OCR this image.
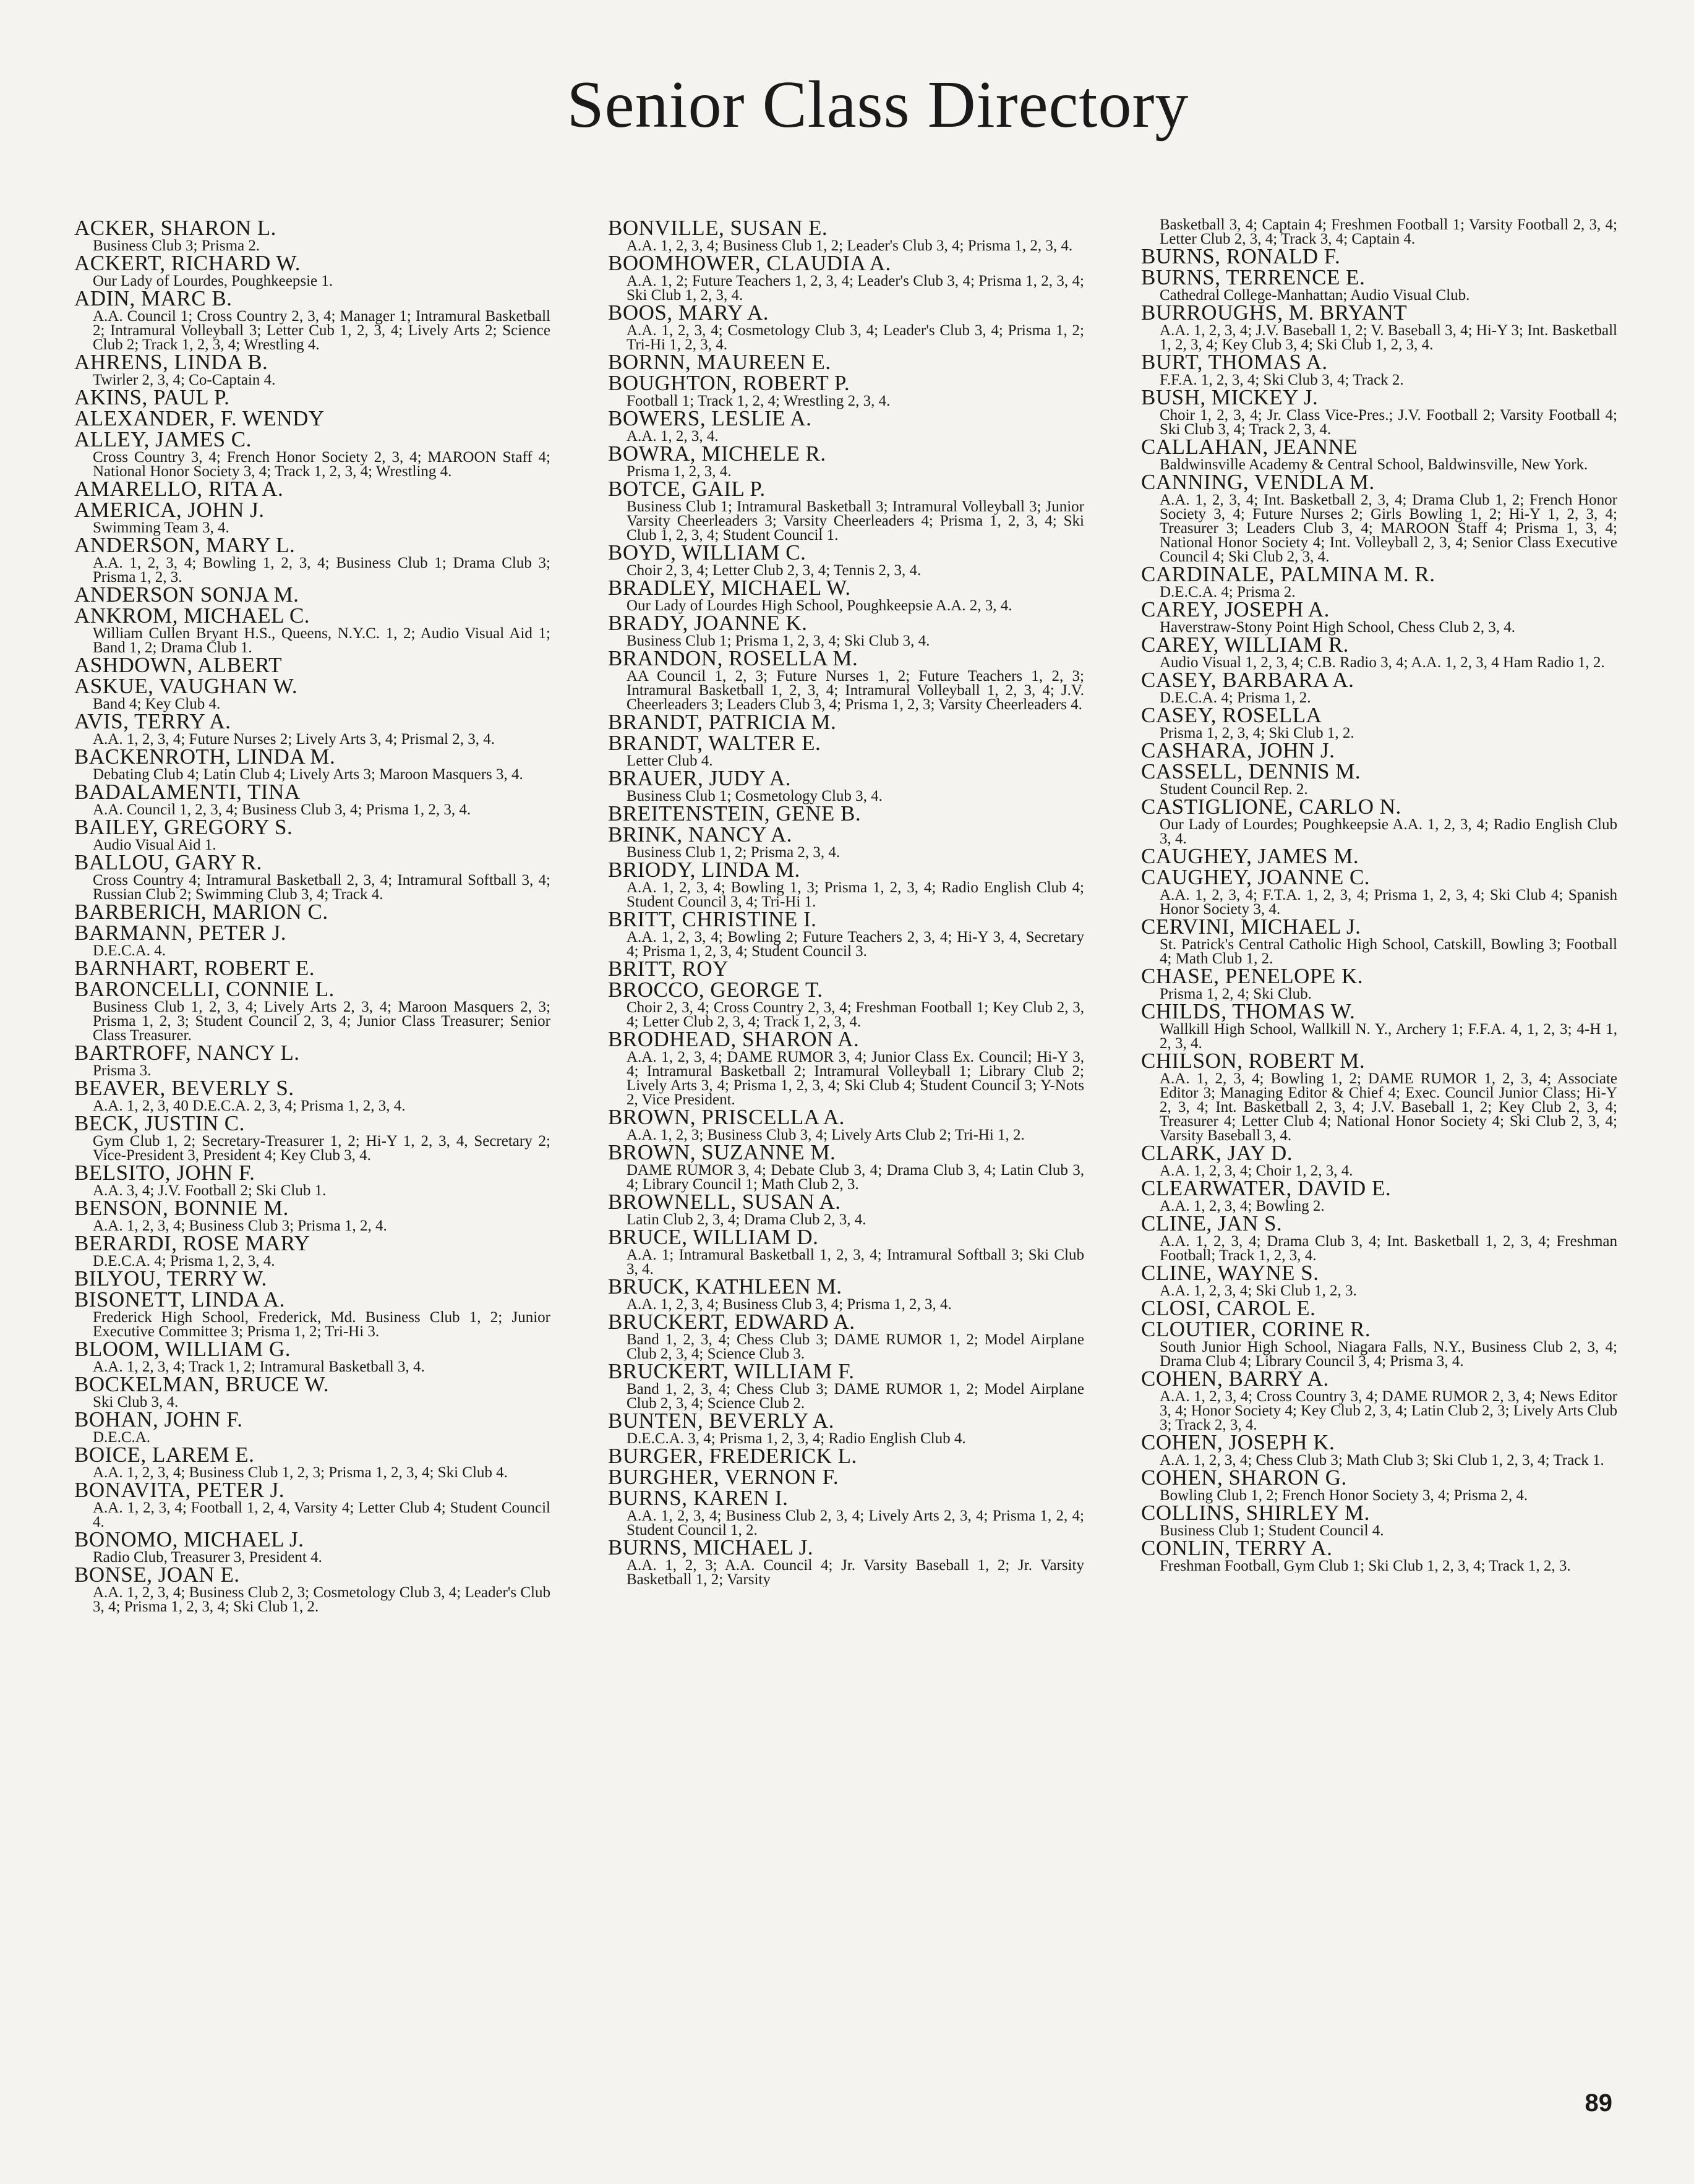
Senior Class Directory
ACKER, SHARON L.
Business Club 3; Prisma 2.
ACKERT, RICHARD W.
Our Lady of Lourdes, Poughkeepsie 1.
ADIN, MARC B.
A.A. Council 1; Cross Country 2, 3, 4; Manager 1; Intramural Basketball 2; Intramural Volleyball 3; Letter Cub 1, 2, 3, 4; Lively Arts 2; Science Club 2; Track 1, 2, 3, 4; Wrestling 4.
AHRENS, LINDA B.
Twirler 2, 3, 4; Co-Captain 4.
AKINS, PAUL P.
ALEXANDER, F. WENDY
ALLEY, JAMES C.
Cross Country 3, 4; French Honor Society 2, 3, 4; MAROON Staff 4; National Honor Society 3, 4; Track 1, 2, 3, 4; Wrestling 4.
AMARELLO, RITA A.
AMERICA, JOHN J.
Swimming Team 3, 4.
ANDERSON, MARY L.
A.A. 1, 2, 3, 4; Bowling 1, 2, 3, 4; Business Club 1; Drama Club 3; Prisma 1, 2, 3.
ANDERSON SONJA M.
ANKROM, MICHAEL C.
William Cullen Bryant H.S., Queens, N.Y.C. 1, 2; Audio Visual Aid 1; Band 1, 2; Drama Club 1.
ASHDOWN, ALBERT
ASKUE, VAUGHAN W.
Band 4; Key Club 4.
AVIS, TERRY A.
A.A. 1, 2, 3, 4; Future Nurses 2; Lively Arts 3, 4; Prismal 2, 3, 4.
BACKENROTH, LINDA M.
Debating Club 4; Latin Club 4; Lively Arts 3; Maroon Masquers 3, 4.
BADALAMENTI, TINA
A.A. Council 1, 2, 3, 4; Business Club 3, 4; Prisma 1, 2, 3, 4.
BAILEY, GREGORY S.
Audio Visual Aid 1.
BALLOU, GARY R.
Cross Country 4; Intramural Basketball 2, 3, 4; Intramural Softball 3, 4; Russian Club 2; Swimming Club 3, 4; Track 4.
BARBERICH, MARION C.
BARMANN, PETER J.
D.E.C.A. 4.
BARNHART, ROBERT E.
BARONCELLI, CONNIE L.
Business Club 1, 2, 3, 4; Lively Arts 2, 3, 4; Maroon Masquers 2, 3; Prisma 1, 2, 3; Student Council 2, 3, 4; Junior Class Treasurer; Senior Class Treasurer.
BARTROFF, NANCY L.
Prisma 3.
BEAVER, BEVERLY S.
A.A. 1, 2, 3, 40 D.E.C.A. 2, 3, 4; Prisma 1, 2, 3, 4.
BECK, JUSTIN C.
Gym Club 1, 2; Secretary-Treasurer 1, 2; Hi-Y 1, 2, 3, 4, Secretary 2; Vice-President 3, President 4; Key Club 3, 4.
BELSITO, JOHN F.
A.A. 3, 4; J.V. Football 2; Ski Club 1.
BENSON, BONNIE M.
A.A. 1, 2, 3, 4; Business Club 3; Prisma 1, 2, 4.
BERARDI, ROSE MARY
D.E.C.A. 4; Prisma 1, 2, 3, 4.
BILYOU, TERRY W.
BISONETT, LINDA A.
Frederick High School, Frederick, Md. Business Club 1, 2; Junior Executive Committee 3; Prisma 1, 2; Tri-Hi 3.
BLOOM, WILLIAM G.
A.A. 1, 2, 3, 4; Track 1, 2; Intramural Basketball 3, 4.
BOCKELMAN, BRUCE W.
Ski Club 3, 4.
BOHAN, JOHN F.
D.E.C.A.
BOICE, LAREM E.
A.A. 1, 2, 3, 4; Business Club 1, 2, 3; Prisma 1, 2, 3, 4; Ski Club 4.
BONAVITA, PETER J.
A.A. 1, 2, 3, 4; Football 1, 2, 4, Varsity 4; Letter Club 4; Student Council 4.
BONOMO, MICHAEL J.
Radio Club, Treasurer 3, President 4.
BONSE, JOAN E.
A.A. 1, 2, 3, 4; Business Club 2, 3; Cosmetology Club 3, 4; Leader's Club 3, 4; Prisma 1, 2, 3, 4; Ski Club 1, 2.
BONVILLE, SUSAN E.
A.A. 1, 2, 3, 4; Business Club 1, 2; Leader's Club 3, 4; Prisma 1, 2, 3, 4.
BOOMHOWER, CLAUDIA A.
A.A. 1, 2; Future Teachers 1, 2, 3, 4; Leader's Club 3, 4; Prisma 1, 2, 3, 4; Ski Club 1, 2, 3, 4.
BOOS, MARY A.
A.A. 1, 2, 3, 4; Cosmetology Club 3, 4; Leader's Club 3, 4; Prisma 1, 2; Tri-Hi 1, 2, 3, 4.
BORNN, MAUREEN E.
BOUGHTON, ROBERT P.
Football 1; Track 1, 2, 4; Wrestling 2, 3, 4.
BOWERS, LESLIE A.
A.A. 1, 2, 3, 4.
BOWRA, MICHELE R.
Prisma 1, 2, 3, 4.
BOTCE, GAIL P.
Business Club 1; Intramural Basketball 3; Intramural Volleyball 3; Junior Varsity Cheerleaders 3; Varsity Cheerleaders 4; Prisma 1, 2, 3, 4; Ski Club 1, 2, 3, 4; Student Council 1.
BOYD, WILLIAM C.
Choir 2, 3, 4; Letter Club 2, 3, 4; Tennis 2, 3, 4.
BRADLEY, MICHAEL W.
Our Lady of Lourdes High School, Poughkeepsie A.A. 2, 3, 4.
BRADY, JOANNE K.
Business Club 1; Prisma 1, 2, 3, 4; Ski Club 3, 4.
BRANDON, ROSELLA M.
AA Council 1, 2, 3; Future Nurses 1, 2; Future Teachers 1, 2, 3; Intramural Basketball 1, 2, 3, 4; Intramural Volleyball 1, 2, 3, 4; J.V. Cheerleaders 3; Leaders Club 3, 4; Prisma 1, 2, 3; Varsity Cheerleaders 4.
BRANDT, PATRICIA M.
BRANDT, WALTER E.
Letter Club 4.
BRAUER, JUDY A.
Business Club 1; Cosmetology Club 3, 4.
BREITENSTEIN, GENE B.
BRINK, NANCY A.
Business Club 1, 2; Prisma 2, 3, 4.
BRIODY, LINDA M.
A.A. 1, 2, 3, 4; Bowling 1, 3; Prisma 1, 2, 3, 4; Radio English Club 4; Student Council 3, 4; Tri-Hi 1.
BRITT, CHRISTINE I.
A.A. 1, 2, 3, 4; Bowling 2; Future Teachers 2, 3, 4; Hi-Y 3, 4, Secretary 4; Prisma 1, 2, 3, 4; Student Council 3.
BRITT, ROY
BROCCO, GEORGE T.
Choir 2, 3, 4; Cross Country 2, 3, 4; Freshman Football 1; Key Club 2, 3, 4; Letter Club 2, 3, 4; Track 1, 2, 3, 4.
BRODHEAD, SHARON A.
A.A. 1, 2, 3, 4; DAME RUMOR 3, 4; Junior Class Ex. Council; Hi-Y 3, 4; Intramural Basketball 2; Intramural Volleyball 1; Library Club 2; Lively Arts 3, 4; Prisma 1, 2, 3, 4; Ski Club 4; Student Council 3; Y-Nots 2, Vice President.
BROWN, PRISCELLA A.
A.A. 1, 2, 3; Business Club 3, 4; Lively Arts Club 2; Tri-Hi 1, 2.
BROWN, SUZANNE M.
DAME RUMOR 3, 4; Debate Club 3, 4; Drama Club 3, 4; Latin Club 3, 4; Library Council 1; Math Club 2, 3.
BROWNELL, SUSAN A.
Latin Club 2, 3, 4; Drama Club 2, 3, 4.
BRUCE, WILLIAM D.
A.A. 1; Intramural Basketball 1, 2, 3, 4; Intramural Softball 3; Ski Club 3, 4.
BRUCK, KATHLEEN M.
A.A. 1, 2, 3, 4; Business Club 3, 4; Prisma 1, 2, 3, 4.
BRUCKERT, EDWARD A.
Band 1, 2, 3, 4; Chess Club 3; DAME RUMOR 1, 2; Model Airplane Club 2, 3, 4; Science Club 3.
BRUCKERT, WILLIAM F.
Band 1, 2, 3, 4; Chess Club 3; DAME RUMOR 1, 2; Model Airplane Club 2, 3, 4; Science Club 2.
BUNTEN, BEVERLY A.
D.E.C.A. 3, 4; Prisma 1, 2, 3, 4; Radio English Club 4.
BURGER, FREDERICK L.
BURGHER, VERNON F.
BURNS, KAREN I.
A.A. 1, 2, 3, 4; Business Club 2, 3, 4; Lively Arts 2, 3, 4; Prisma 1, 2, 4; Student Council 1, 2.
BURNS, MICHAEL J.
A.A. 1, 2, 3; A.A. Council 4; Jr. Varsity Baseball 1, 2; Jr. Varsity Basketball 1, 2; Varsity
Basketball 3, 4; Captain 4; Freshmen Football 1; Varsity Football 2, 3, 4; Letter Club 2, 3, 4; Track 3, 4; Captain 4.
BURNS, RONALD F.
BURNS, TERRENCE E.
Cathedral College-Manhattan; Audio Visual Club.
BURROUGHS, M. BRYANT
A.A. 1, 2, 3, 4; J.V. Baseball 1, 2; V. Baseball 3, 4; Hi-Y 3; Int. Basketball 1, 2, 3, 4; Key Club 3, 4; Ski Club 1, 2, 3, 4.
BURT, THOMAS A.
F.F.A. 1, 2, 3, 4; Ski Club 3, 4; Track 2.
BUSH, MICKEY J.
Choir 1, 2, 3, 4; Jr. Class Vice-Pres.; J.V. Football 2; Varsity Football 4; Ski Club 3, 4; Track 2, 3, 4.
CALLAHAN, JEANNE
Baldwinsville Academy & Central School, Baldwinsville, New York.
CANNING, VENDLA M.
A.A. 1, 2, 3, 4; Int. Basketball 2, 3, 4; Drama Club 1, 2; French Honor Society 3, 4; Future Nurses 2; Girls Bowling 1, 2; Hi-Y 1, 2, 3, 4; Treasurer 3; Leaders Club 3, 4; MAROON Staff 4; Prisma 1, 3, 4; National Honor Society 4; Int. Volleyball 2, 3, 4; Senior Class Executive Council 4; Ski Club 2, 3, 4.
CARDINALE, PALMINA M. R.
D.E.C.A. 4; Prisma 2.
CAREY, JOSEPH A.
Haverstraw-Stony Point High School, Chess Club 2, 3, 4.
CAREY, WILLIAM R.
Audio Visual 1, 2, 3, 4; C.B. Radio 3, 4; A.A. 1, 2, 3, 4 Ham Radio 1, 2.
CASEY, BARBARA A.
D.E.C.A. 4; Prisma 1, 2.
CASEY, ROSELLA
Prisma 1, 2, 3, 4; Ski Club 1, 2.
CASHARA, JOHN J.
CASSELL, DENNIS M.
Student Council Rep. 2.
CASTIGLIONE, CARLO N.
Our Lady of Lourdes; Poughkeepsie A.A. 1, 2, 3, 4; Radio English Club 3, 4.
CAUGHEY, JAMES M.
CAUGHEY, JOANNE C.
A.A. 1, 2, 3, 4; F.T.A. 1, 2, 3, 4; Prisma 1, 2, 3, 4; Ski Club 4; Spanish Honor Society 3, 4.
CERVINI, MICHAEL J.
St. Patrick's Central Catholic High School, Catskill, Bowling 3; Football 4; Math Club 1, 2.
CHASE, PENELOPE K.
Prisma 1, 2, 4; Ski Club.
CHILDS, THOMAS W.
Wallkill High School, Wallkill N. Y., Archery 1; F.F.A. 4, 1, 2, 3; 4-H 1, 2, 3, 4.
CHILSON, ROBERT M.
A.A. 1, 2, 3, 4; Bowling 1, 2; DAME RUMOR 1, 2, 3, 4; Associate Editor 3; Managing Editor & Chief 4; Exec. Council Junior Class; Hi-Y 2, 3, 4; Int. Basketball 2, 3, 4; J.V. Baseball 1, 2; Key Club 2, 3, 4; Treasurer 4; Letter Club 4; National Honor Society 4; Ski Club 2, 3, 4; Varsity Baseball 3, 4.
CLARK, JAY D.
A.A. 1, 2, 3, 4; Choir 1, 2, 3, 4.
CLEARWATER, DAVID E.
A.A. 1, 2, 3, 4; Bowling 2.
CLINE, JAN S.
A.A. 1, 2, 3, 4; Drama Club 3, 4; Int. Basketball 1, 2, 3, 4; Freshman Football; Track 1, 2, 3, 4.
CLINE, WAYNE S.
A.A. 1, 2, 3, 4; Ski Club 1, 2, 3.
CLOSI, CAROL E.
CLOUTIER, CORINE R.
South Junior High School, Niagara Falls, N.Y., Business Club 2, 3, 4; Drama Club 4; Library Council 3, 4; Prisma 3, 4.
COHEN, BARRY A.
A.A. 1, 2, 3, 4; Cross Country 3, 4; DAME RUMOR 2, 3, 4; News Editor 3, 4; Honor Society 4; Key Club 2, 3, 4; Latin Club 2, 3; Lively Arts Club 3; Track 2, 3, 4.
COHEN, JOSEPH K.
A.A. 1, 2, 3, 4; Chess Club 3; Math Club 3; Ski Club 1, 2, 3, 4; Track 1.
COHEN, SHARON G.
Bowling Club 1, 2; French Honor Society 3, 4; Prisma 2, 4.
COLLINS, SHIRLEY M.
Business Club 1; Student Council 4.
CONLIN, TERRY A.
Freshman Football, Gym Club 1; Ski Club 1, 2, 3, 4; Track 1, 2, 3.
89
